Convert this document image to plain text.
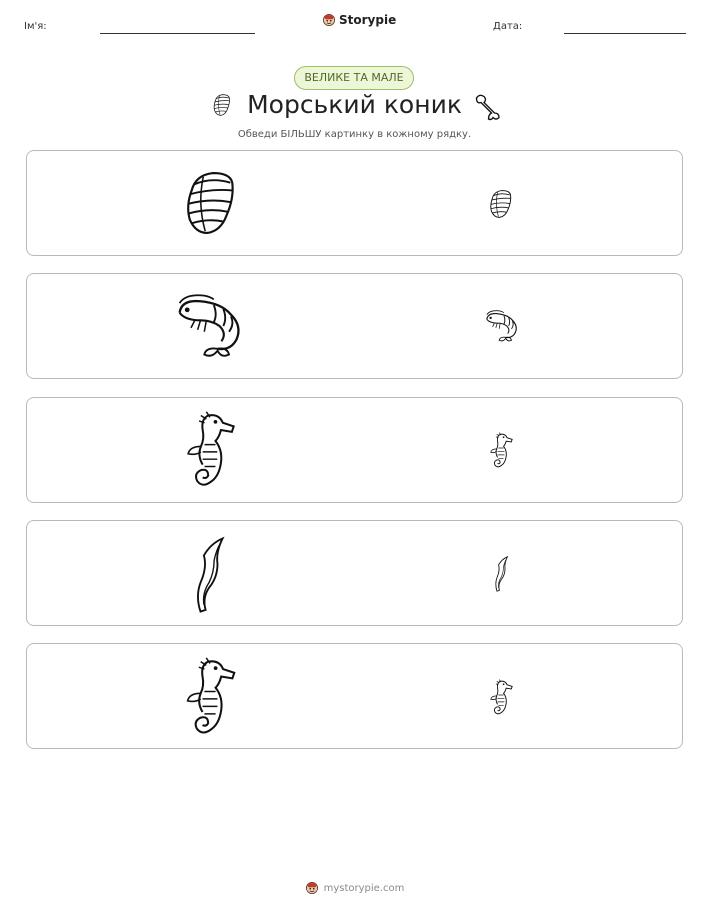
Ім'я:	Storypie	Дата:
ВЕЛИКЕ ТА МАЛЕ
Морський коник
Обведи БІЛЬШУ картинку в кожному рядку.
mystorypie.com
